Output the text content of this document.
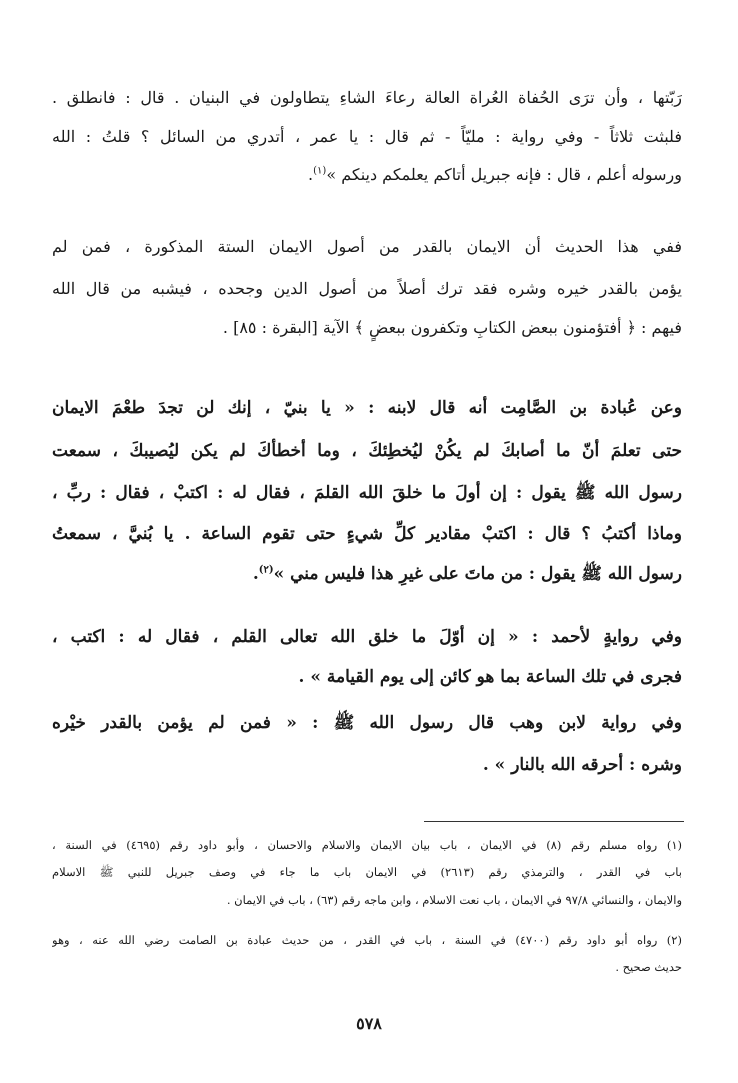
رَبّتها ، وأن ترَى الحُفاة العُراة العالة رعاءَ الشاءِ يتطاولون في البنيان . قال : فانطلق .

فلبثت ثلاثاً - وفي رواية : مليّاً - ثم قال : يا عمر ، أتدري من السائل ؟ قلتُ : الله

ورسوله أعلم ، قال : فإنه جبريل أتاكم يعلمكم دينكم »$^{(١)}$.

ففي هذا الحديث أن الايمان بالقدر من أصول الايمان الستة المذكورة ، فمن لم

يؤمن بالقدر خيره وشره فقد ترك أصلاً من أصول الدين وجحده ، فيشبه من قال الله

فيهم : ﴿ أفتؤمنون ببعض الكتابِ وتكفرون ببعضٍ ﴾ الآية [البقرة : ٨٥] .

وعن عُبادة بن الصَّامِت أنه قال لابنه : « يا بنيّ ، إنك لن تجدَ طعْمَ الايمان

حتى تعلمَ أنّ ما أصابكَ لم يكُنْ ليُخطِئكَ ، وما أخطأكَ لم يكن ليُصيبكَ ، سمعت

رسول الله ﷺ يقول : إن أولَ ما خلقَ الله القلمَ ، فقال له : اكتبْ ، فقال : ربِّ ،

وماذا أكتبُ ؟ قال : اكتبْ مقادير كلِّ شيءٍ حتى تقوم الساعة . يا بُنيَّ ، سمعتُ

رسول الله ﷺ يقول : من ماتَ على غيرِ هذا فليس مني »$^{(٢)}$.

وفي روايةٍ لأحمد : « إن أوّلَ ما خلق الله تعالى القلم ، فقال له : اكتب ،

فجرى في تلك الساعة بما هو كائن إلى يوم القيامة » .

وفي رواية لابن وهب قال رسول الله ﷺ : « فمن لم يؤمن بالقدر خيْره

وشره : أحرقه الله بالنار » .

(١) رواه مسلم رقم (٨) في الايمان ، باب بيان الايمان والاسلام والاحسان ، وأبو داود رقم (٤٦٩٥) في السنة ،

باب في القدر ، والترمذي رقم (٢٦١٣) في الايمان باب ما جاء في وصف جبريل للنبي ﷺ الاسلام

والايمان ، والنسائي ٩٧/٨ في الايمان ، باب نعت الاسلام ، وابن ماجه رقم (٦٣) ، باب في الايمان .

(٢) رواه أبو داود رقم (٤٧٠٠) في السنة ، باب في القدر ، من حديث عبادة بن الصامت رضي الله عنه ، وهو

حديث صحيح .

٥٧٨
